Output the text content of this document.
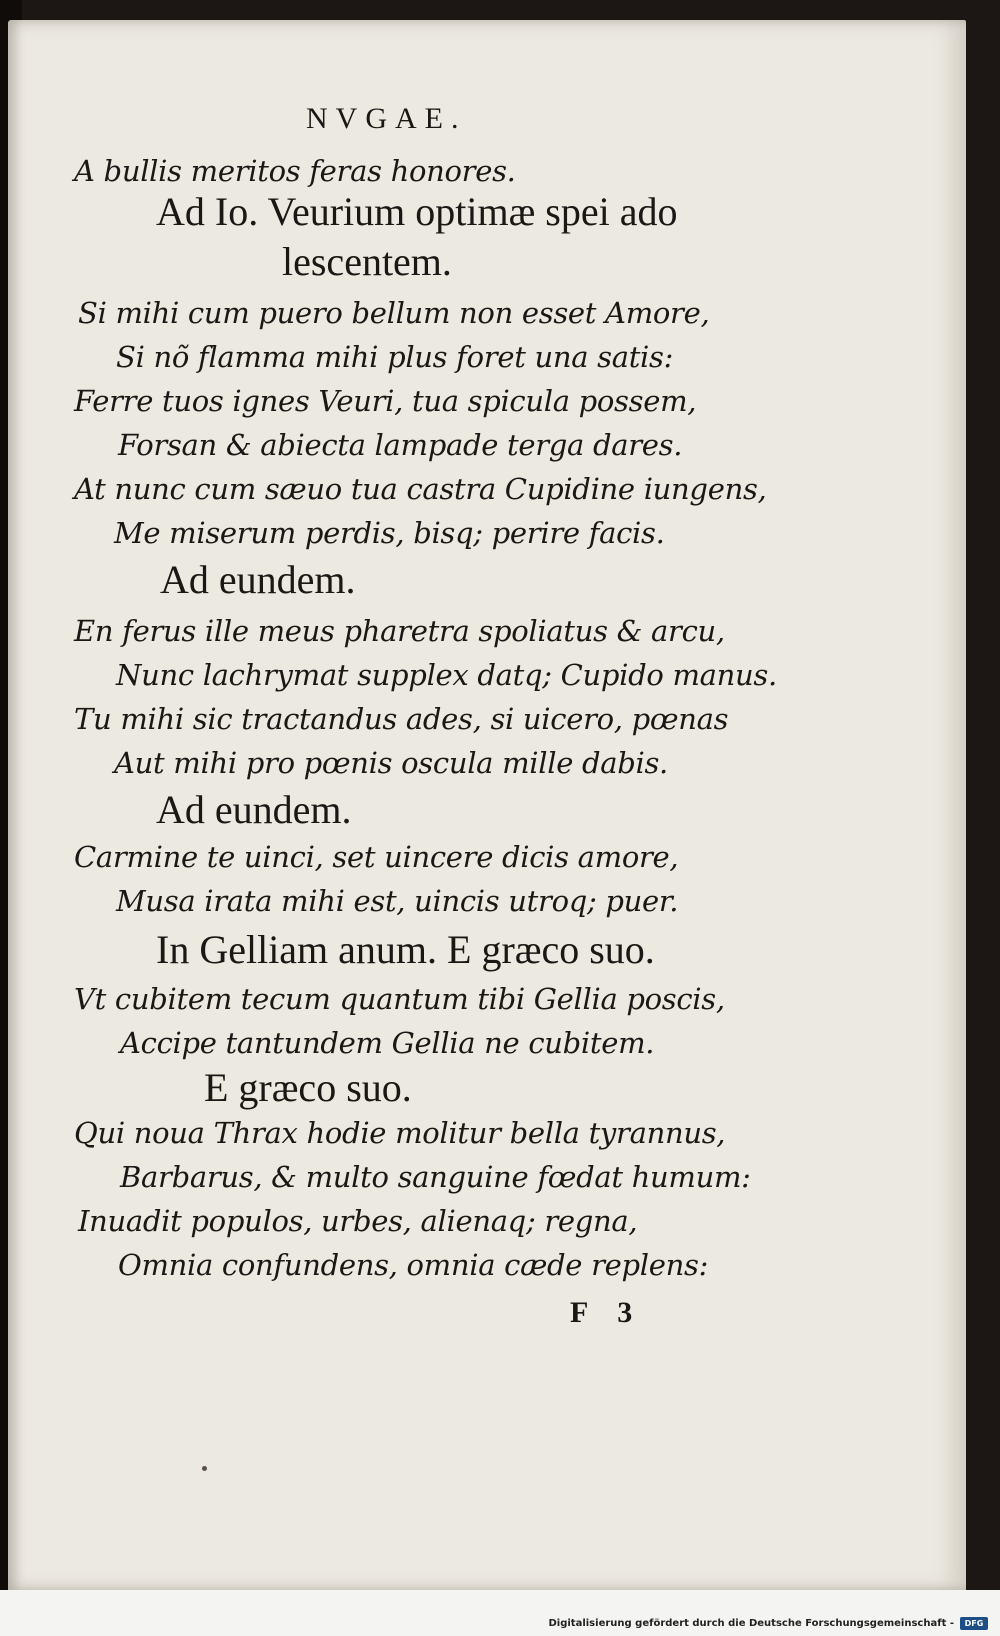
NVGAE.
A bullis meritos feras honores.
Ad Io. Veurium optimæ spei ado
lescentem.
Si mihi cum puero bellum non esset Amore,
Si nõ flamma mihi plus foret una satis:
Ferre tuos ignes Veuri, tua spicula possem,
Forsan & abiecta lampade terga dares.
At nunc cum sæuo tua castra Cupidine iungens,
Me miserum perdis, bisq; perire facis.
Ad eundem.
En ferus ille meus pharetra spoliatus & arcu,
Nunc lachrymat supplex datq; Cupido manus.
Tu mihi sic tractandus ades, si uicero, pœnas
Aut mihi pro pœnis oscula mille dabis.
Ad eundem.
Carmine te uinci, set uincere dicis amore,
Musa irata mihi est, uincis utroq; puer.
In Gelliam anum. E græco suo.
Vt cubitem tecum quantum tibi Gellia poscis,
Accipe tantundem Gellia ne cubitem.
E græco suo.
Qui noua Thrax hodie molitur bella tyrannus,
Barbarus, & multo sanguine fœdat humum:
Inuadit populos, urbes, alienaq; regna,
Omnia confundens, omnia cæde replens:
F    3
Digitalisierung gefördert durch die Deutsche Forschungsgemeinschaft -	DFG
